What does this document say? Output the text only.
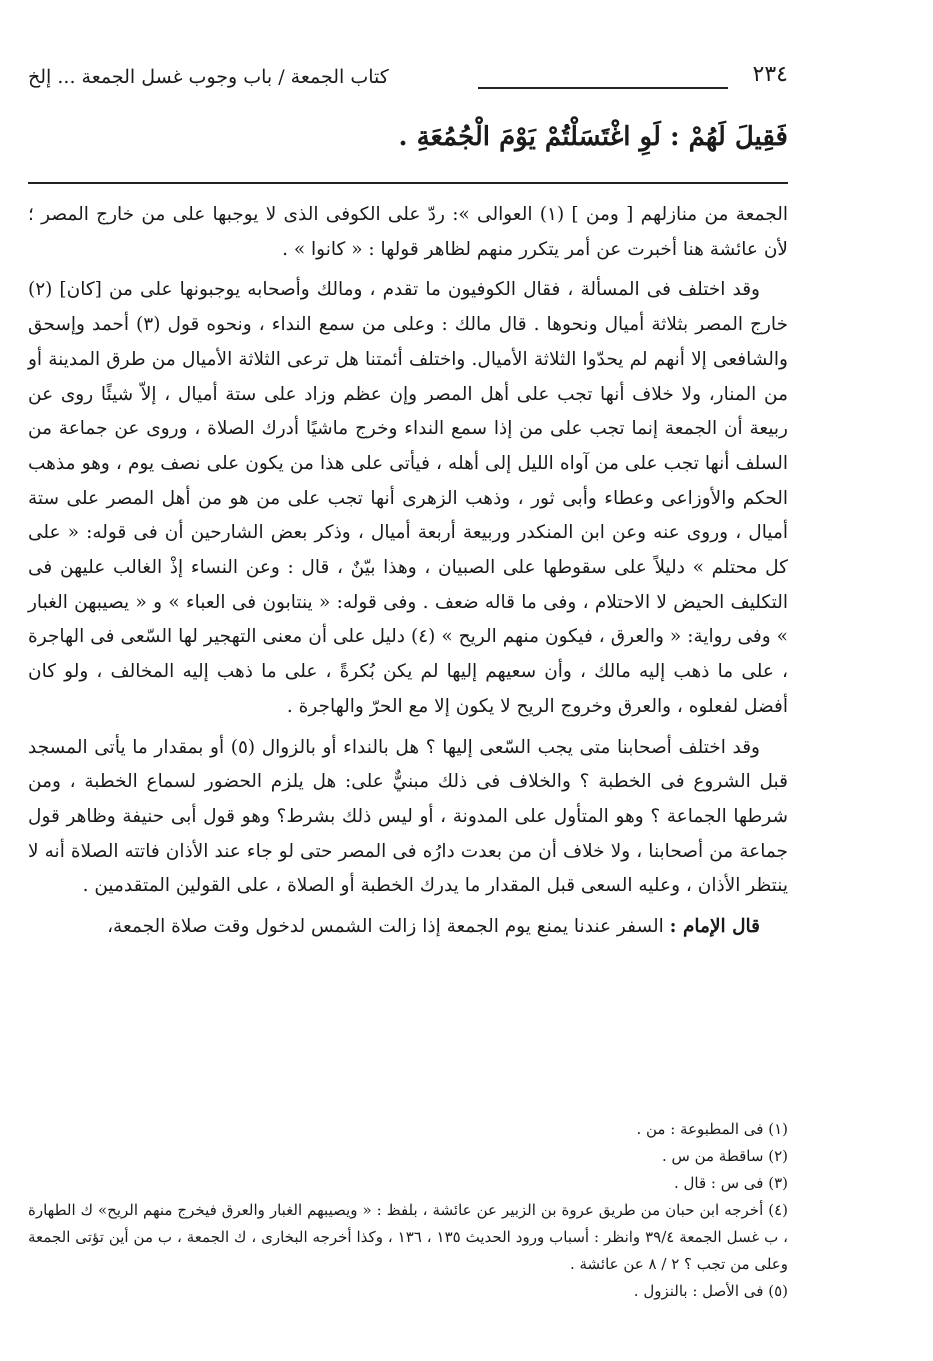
٢٣٤
كتاب الجمعة / باب وجوب غسل الجمعة ... إلخ
فَقِيلَ لَهُمْ : لَوِ اغْتَسَلْتُمْ يَوْمَ الْجُمُعَةِ .

الجمعة من منازلهم [ ومن ] (١) العوالى »: ردّ على الكوفى الذى لا يوجبها على من خارج المصر ؛ لأن عائشة هنا أخبرت عن أمر يتكرر منهم لظاهر قولها : « كانوا » .

وقد اختلف فى المسألة ، فقال الكوفيون ما تقدم ، ومالك وأصحابه يوجبونها على من [كان] (٢) خارج المصر بثلاثة أميال ونحوها . قال مالك : وعلى من سمع النداء ، ونحوه قول (٣) أحمد وإسحق والشافعى إلا أنهم لم يحدّوا الثلاثة الأميال. واختلف أئمتنا هل ترعى الثلاثة الأميال من طرق المدينة أو من المنار، ولا خلاف أنها تجب على أهل المصر وإن عظم وزاد على ستة أميال ، إلاّ شيئًا روى عن ربيعة أن الجمعة إنما تجب على من إذا سمع النداء وخرج ماشيًا أدرك الصلاة ، وروى عن جماعة من السلف أنها تجب على من آواه الليل إلى أهله ، فيأتى على هذا من يكون على نصف يوم ، وهو مذهب الحكم والأوزاعى وعطاء وأبى ثور ، وذهب الزهرى أنها تجب على من هو من أهل المصر على ستة أميال ، وروى عنه وعن ابن المنكدر وربيعة أربعة أميال ، وذكر بعض الشارحين أن فى قوله: « على كل محتلم » دليلاً على سقوطها على الصبيان ، وهذا بيّنٌ ، قال : وعن النساء إذْ الغالب عليهن فى التكليف الحيض لا الاحتلام ، وفى ما قاله ضعف . وفى قوله: « ينتابون فى العباء » و « يصيبهن الغبار » وفى رواية: « والعرق ، فيكون منهم الريح » (٤) دليل على أن معنى التهجير لها السّعى فى الهاجرة ، على ما ذهب إليه مالك ، وأن سعيهم إليها لم يكن بُكرةً ، على ما ذهب إليه المخالف ، ولو كان أفضل لفعلوه ، والعرق وخروج الريح لا يكون إلا مع الحرّ والهاجرة .

وقد اختلف أصحابنا متى يجب السّعى إليها ؟ هل بالنداء أو بالزوال (٥) أو بمقدار ما يأتى المسجد قبل الشروع فى الخطبة ؟ والخلاف فى ذلك مبنيٌّ على: هل يلزم الحضور لسماع الخطبة ، ومن شرطها الجماعة ؟ وهو المتأول على المدونة ، أو ليس ذلك بشرط؟ وهو قول أبى حنيفة وظاهر قول جماعة من أصحابنا ، ولا خلاف أن من بعدت دارُه فى المصر حتى لو جاء عند الأذان فاتته الصلاة أنه لا ينتظر الأذان ، وعليه السعى قبل المقدار ما يدرك الخطبة أو الصلاة ، على القولين المتقدمين .

قال الإمام : السفر عندنا يمنع يوم الجمعة إذا زالت الشمس لدخول وقت صلاة الجمعة،

(١) فى المطبوعة : من .

(٢) ساقطة من س .

(٣) فى س : قال .

(٤) أخرجه ابن حبان من طريق عروة بن الزبير عن عائشة ، بلفظ : « ويصيبهم الغبار والعرق فيخرج منهم الريح» ك الطهارة ، ب غسل الجمعة ٣٩/٤ وانظر : أسباب ورود الحديث ١٣٥ ، ١٣٦ ، وكذا أخرجه البخارى ، ك الجمعة ، ب من أين تؤتى الجمعة وعلى من تجب ؟ ٢ / ٨ عن عائشة .

(٥) فى الأصل : بالنزول .
